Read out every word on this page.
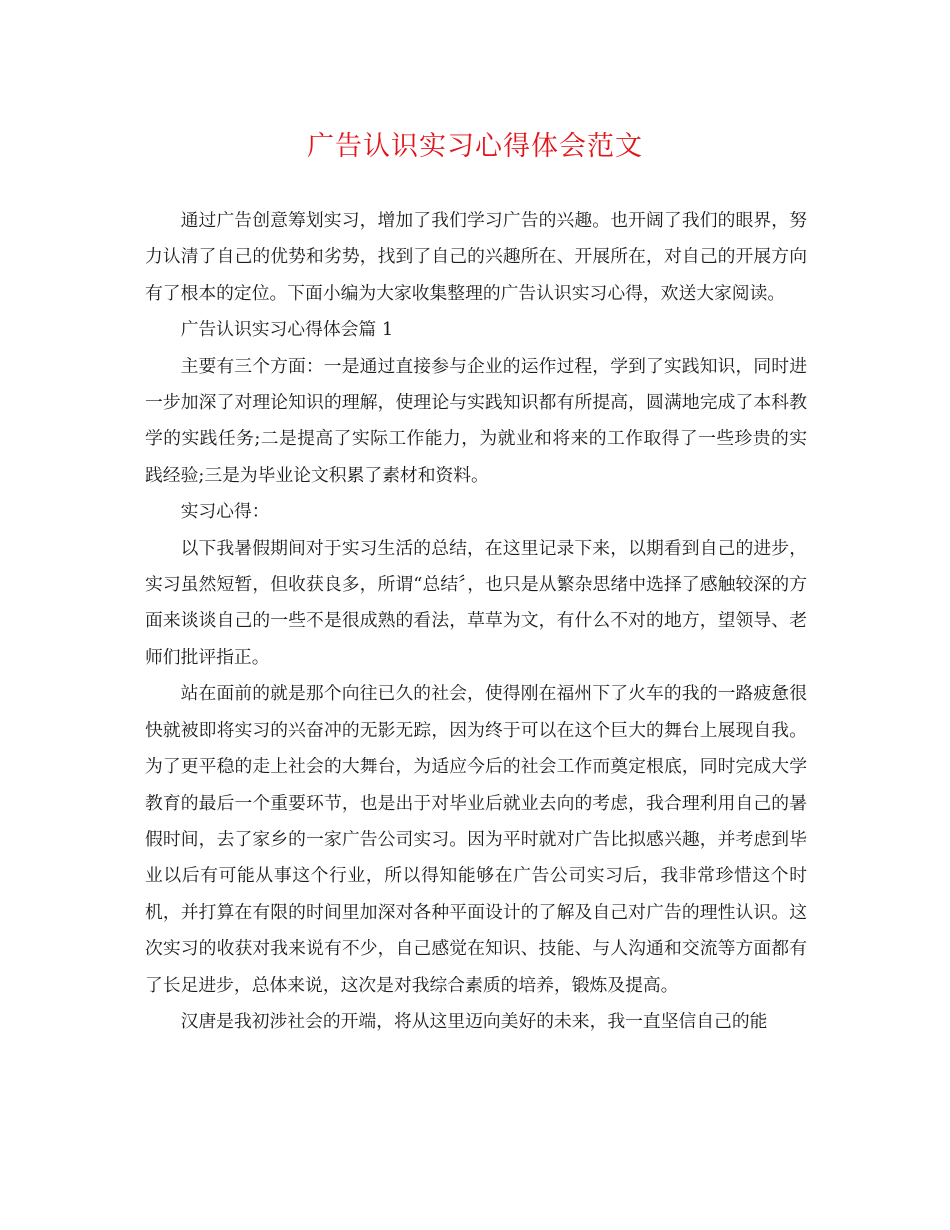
广告认识实习心得体会范文

通过广告创意筹划实习，增加了我们学习广告的兴趣。也开阔了我们的眼界，努力认清了自己的优势和劣势，找到了自己的兴趣所在、开展所在，对自己的开展方向有了根本的定位。下面小编为大家收集整理的广告认识实习心得，欢送大家阅读。

广告认识实习心得体会篇 1

主要有三个方面：一是通过直接参与企业的运作过程，学到了实践知识，同时进一步加深了对理论知识的理解，使理论与实践知识都有所提高，圆满地完成了本科教学的实践任务;二是提高了实际工作能力，为就业和将来的工作取得了一些珍贵的实践经验;三是为毕业论文积累了素材和资料。

实习心得：

以下我暑假期间对于实习生活的总结，在这里记录下来，以期看到自己的进步，实习虽然短暂，但收获良多，所谓“总结〞，也只是从繁杂思绪中选择了感触较深的方面来谈谈自己的一些不是很成熟的看法，草草为文，有什么不对的地方，望领导、老师们批评指正。

站在面前的就是那个向往已久的社会，使得刚在福州下了火车的我的一路疲惫很快就被即将实习的兴奋冲的无影无踪，因为终于可以在这个巨大的舞台上展现自我。为了更平稳的走上社会的大舞台，为适应今后的社会工作而奠定根底，同时完成大学教育的最后一个重要环节，也是出于对毕业后就业去向的考虑，我合理利用自己的暑假时间，去了家乡的一家广告公司实习。因为平时就对广告比拟感兴趣，并考虑到毕业以后有可能从事这个行业，所以得知能够在广告公司实习后，我非常珍惜这个时机，并打算在有限的时间里加深对各种平面设计的了解及自己对广告的理性认识。这次实习的收获对我来说有不少，自己感觉在知识、技能、与人沟通和交流等方面都有了长足进步，总体来说，这次是对我综合素质的培养，锻炼及提高。

汉唐是我初涉社会的开端，将从这里迈向美好的未来，我一直坚信自己的能
